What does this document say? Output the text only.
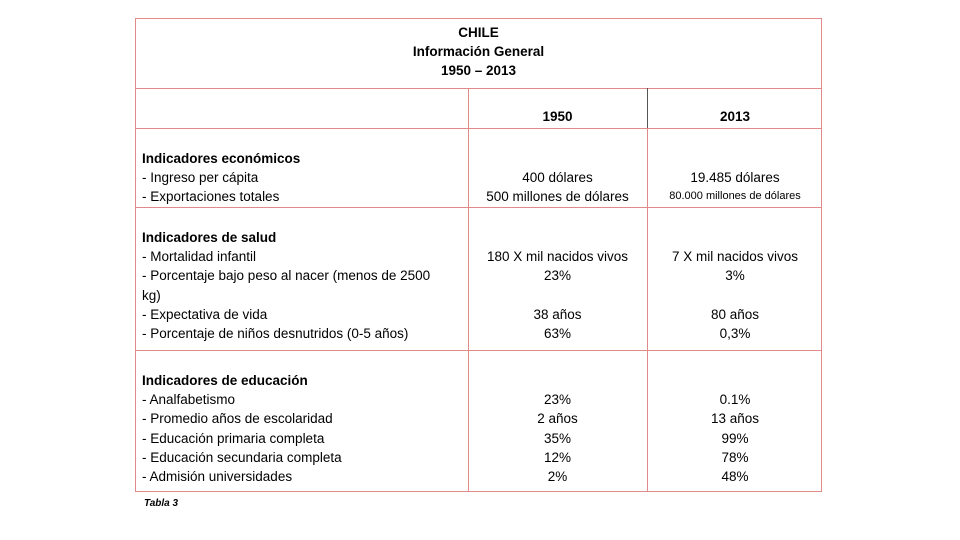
CHILE
Información General
1950 – 2013
1950	2013
Indicadores económicos
- Ingreso per cápita
- Exportaciones totales
400 dólares
500 millones de dólares
19.485 dólares
80.000 millones de dólares
Indicadores de salud
- Mortalidad infantil
- Porcentaje bajo peso al nacer (menos de 2500
kg)
- Expectativa de vida
- Porcentaje de niños desnutridos (0-5 años)
180 X mil nacidos vivos
23%
38 años
63%
7 X mil nacidos vivos
3%
80 años
0,3%
Indicadores de educación
- Analfabetismo
- Promedio años de escolaridad
- Educación primaria completa
- Educación secundaria completa
- Admisión universidades
23%
2 años
35%
12%
2%
0.1%
13 años
99%
78%
48%
Tabla 3
